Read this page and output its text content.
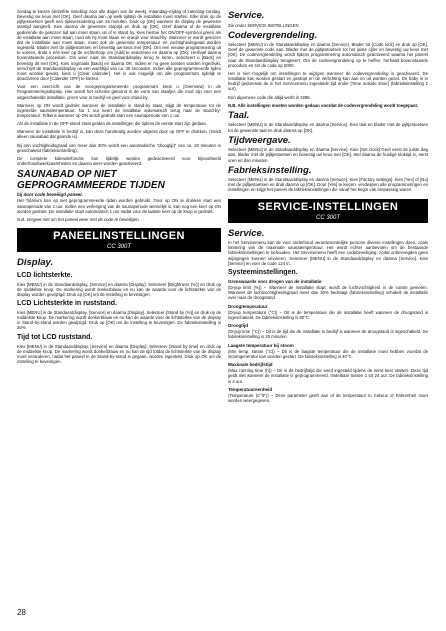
zondag te kiezen (dezelfde instelling voor alle dagen van de week), maandag-vrijdag of zaterdag-zondag. Bevestig uw keus met [OK]. Geef daarna aan op welk tijdstip de installatie moet starten. Elke druk op de pijltjestoetsen geeft een tijdsverandering van 15 minuten. Druk op [OK] wanneer de display de gewenste starttijd aangeeft. Kies daarna de gewenste stoptijd en druk op [OK]. Geef daarna of de installatie gedurende de gekozen tijd aan moet staan, uit of in stand by. Kies hiertoe het ON/OFF-symbool green als de installatie aan moet staan, rood als hij moet staan en oranje voor stand-by. Wanneer er wordt gekozen dat de installatie aan moet staan, moet ook de gewenste temperatuur en vochtigheidsgraad worden ingesteld. Blader met de pijltjestoetsen en bevestig uw keus met [OK]. Om een nieuwe programmering uit te voeren, drukt u één keer op de rechtertoop om [Add] te selecteren en daarna op [OK]. Herhaal daarna bovenstaande procedure. Om weer naar de Standaarddisplay terug te keren, selecteert u [Back] en bevestig dit met [OK]. Kies nogmaals [Back] en daarna OK. Indien er nu geen toetsen worden ingedrukt, verschijnt de Standaarddisplay na een wachttijd van ca. 30 seconden. Indien alle geprogrammeerde tijden moet worden gewist, kiest u [Clear calender]. Het is ook mogelijk om alle programma's tijdelijk te deactiveren door [Calender OFF] te kiezen.

Voor een overzicht van de voorgeprogrammeerde programma's kiest u [Overview] in de Programmeringsdisplay. Hier wordt het schema getoond in de vorm van staafjes die rood zijn voor een uitgeschakelde installatie, groen voor in bedrijf en geel voor stand-by.

Wanneer op ON wordt gedrukt wanneer de installatie in stand-by staat, stijgt de temperatuur tot de ingestelde saunatemperatuur. Na 1 uur keert de installatie automatisch terug naar de stand-by-temperatuur. Telkens wanneer op ON wordt gedrukt start een saunaperiode van 1 uur.

Als de installatie in de OFF-stand staat gelden de instellingen die tijdens de eerste start zijn gedaan.

Wanneer de installatie in bedrijf is, kan deze handmatig worden uitgezet door op OFF te drukken. (Geldt alleen saunabad dat gaande is).

Bij een vochtigheidsgraad van meer dan 30% wordt een automatische "droogtijd" van ca. 20 minuten in gesschakeld (fabrieksinstelling).

De complete kalenderfunctie kan tijdelijk worden gedeactiveerd voor bijvoorbeeld onderhoudswerkzaamheden en daarna weer worden geactiveerd.

SAUNABAD OP NIET GEPROGRAMMEERDE TIJDEN
bij door code beveiligd paneel.

Het Tylarium kan op niet geprogrammeerde tijden worden gebruikt. Door op ON te drukken start een saunaperiode van 1 uur. Indien een verlenging van de saunaperiode wenselijk is, kan nog een keer op ON worden gedrukt. De installatie stopt automatisch 1 uur nadat voor de laatste keer op de knop is gedrukt.

N.B. Vergeet niet om het paneel weer met de code te beveiligen.

PANEELINSTELLINGEN
CC 300T
Display.
LCD lichtsterkte.

Kies [MENU] in de Standaarddisplay, [Service] en daarna [Display]. Selecteer [Brightness (%)] en druk op de middelste knop. De markering wordt donkerblauw en nu kan de waarde voor de lichtsterkte van de display worden gewijzigd. Druk op [OK] om de instelling te bevestigen.

LCD Lichtsterkte in ruststand.

Kies [MENU] in de Standaarddisplay, [Service] en daarna [Display]. Selecteer [Stand by (%)] en druk op de middelste knop. De markering wordt donkerblauw en nu kan de waarde voor de lichtsterkte van de display in Stand-by-stand worden gewijzigd. Druk op [OK] om de instelling te bevestigen. De fabrieksinstelling is 30%.

Tijd tot LCD ruststand.

Kies [MENU] in de Standaarddisplay, [Service] en daarna [Display]. Selecteer [Stand by time] en druk op de middelste knop. De markering wordt donkerblauw en nu kan de tijd totdat de lichtsterkte van de display moet veranderen, nadat het paneel in de Stand-by-stand is gegaan, worden ingesteld. Druk op OK om de instelling te bevestigen.

Service.

Zie onder SERVICE-INSTELLINGEN

Codevergrendeling.

Selecteer [MENU] in de Standaarddisplay en daarna [Service]. Blader tot [Code lock] en druk op [OK]. Geef de gewenste code aan. Blader met de pijltjestoetsen tot het juiste cijfer en bevestig uw keus met [OK]. De codevergrendeling wordt tijdens programmering automatisch geactiveerd waarna het paneel naar de Standaarddisplay terugkeert. Om de codevergrendeling op te heffen, herhaalt bovenstaande procedure en zet de code op 0000.

Het is niet mogelijk om instellingen te wijzigen wanneer de codevergrendeling is geactiveerd. De installatie kan worden gestart en gestopt en de verlichting kan aan en uit worden gezet. De baby is in bedrijf gedurende de in het Servicemenu ingestelde tijd onder [Time outside timer] (fabrieksinstelling 1 uur).

Een algemene code die altijd werkt is 1995.

N.B. Alle instellingen moeten worden gedaan voordat de codevergrendeling wordt toegepast.

Taal.

Selecteer [MENU] in de Standaarddisplay en daarna [Service]. Kies taal en blader met de pijltjestoetsen tot de gewenste taal en druk daarna op [OK].

Tijdweergave.

Selecteer [MENU] in de Standaarddisplay en daarna [Service]. Kies [Set clock] Geef eerst de juiste dag aan, blader met de pijltjestoetsen en bevestig uw keus met [OK]. Stel daarna de huidige kloktijd in, eerst uren en dan minuten.

Fabrieksinstelling.

Selecteer [MENU] in de Standaarddisplay en daarna [Service]. Kies [Factory settings]. Kies [Yes] of [No] met de pijltjestoetsen en druk daarna op [OK]. Door [Yes] te kiezen, verdwijnen alle programmeringen en instellingen en krijgt het paneel de fabrieksinstellingen die vanaf het begin van toepassing waren.

SERVICE-INSTELLINGEN
CC 300T
Service.

In het Servicemenu kan de voor onderhoud verantwoordelijke persoon diverse instellingen doen, zoals limitering van de maximale saunatemperatuur. Het wordt echter aanbevolen om de bestaande fabrieksinstellingen te behouden. Het Servicemenu heeft een codebeveiliging, zodat onbevoegden geen wijzigingen kunnen uitvoeren. Selecteer [MENU] in de Standaarddisplay en daarna [Service]. Kies [Service] en voer de code 124 in.

Systeeminstellingen.
Grenswaarde voor drogen van de installatie

(Dryup limit (%)) – Wanneer de installatie stopt, wordt de luchtvochtigheid in de ruimte gemeten. Wanneer de luchtvochtigheidsgraad meer dan 30% bedraagt (fabrieksinstelling) schakelt de installatie over naar de droogstand.

Droogtemperatuur

(Dryup temperature (°C)) – Dit is de temperatuur die de installatie heeft wanneer de droogstand is ingeschakeld. De fabrieksinstelling is 80°C.

Droogtijd

(Dryup time (°C)) – Dit is de tijd die de installatie in bedrijf is wanneer de droogstand is ingeschakeld. De fabrieksinstelling is 20 minuten.

Laagste temperatuur bij stoom

(Min temp. steam (°C)) – Dit is de laagste temperatuur die de installatie moet hebben voordat de stoomgenerator kan worden gestart. De fabrieksinstelling is 40°C.

Maximale bedrijfstijd

(Max running time (h)) – Dit is de bedrijfstijd die werd ingesteld tijdens de eerst keer starten. Deze tijd geldt niet wanneer de installatie is geprogrammeerd. Instelbaar tussen 1 tot 24 uur. De fabrieksinstelling is 3 uur.

Temperatuureenheid

(Temperature (C°/F)) – Deze parameter geeft aan of de temperatuur in Celsius of Fahrenheit moet worden weergegeven.

28
